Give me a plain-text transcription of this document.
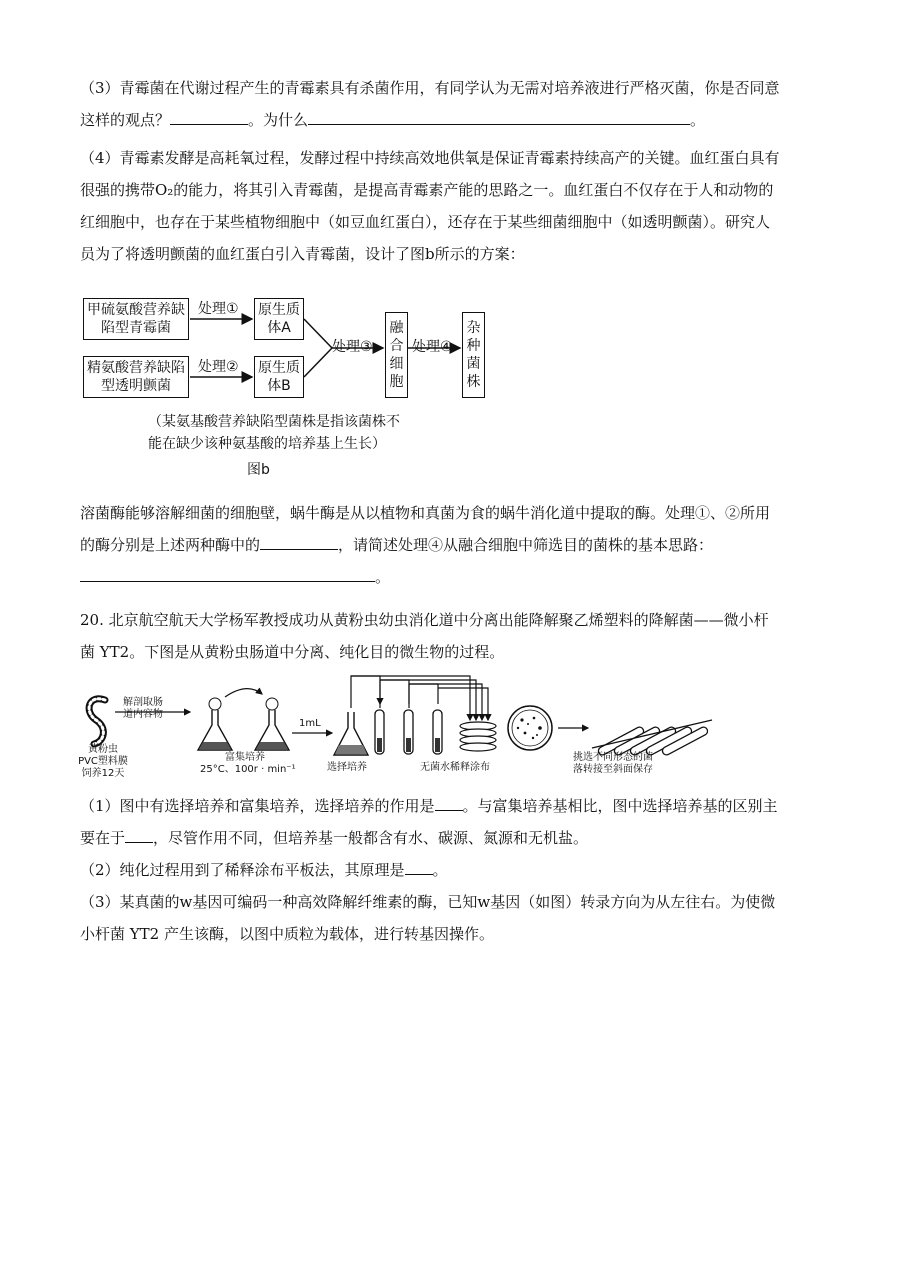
（3）青霉菌在代谢过程产生的青霉素具有杀菌作用，有同学认为无需对培养液进行严格灭菌，你是否同意
这样的观点？	。为什么	。
（4）青霉素发酵是高耗氧过程，发酵过程中持续高效地供氧是保证青霉素持续高产的关键。血红蛋白具有
很强的携带O₂的能力，将其引入青霉菌，是提高青霉素产能的思路之一。血红蛋白不仅存在于人和动物的
红细胞中，也存在于某些植物细胞中（如豆血红蛋白），还存在于某些细菌细胞中（如透明颤菌）。研究人
员为了将透明颤菌的血红蛋白引入青霉菌，设计了图b所示的方案：
甲硫氨酸营养缺陷型青霉菌
精氨酸营养缺陷型透明颤菌
处理①
处理②
原生质体A
原生质体B
处理③
融
合
细
胞
处理④
杂
种
菌
株
（某氨基酸营养缺陷型菌株是指该菌株不
能在缺少该种氨基酸的培养基上生长）
图b
溶菌酶能够溶解细菌的细胞壁，蜗牛酶是从以植物和真菌为食的蜗牛消化道中提取的酶。处理①、②所用
的酶分别是上述两种酶中的	，请简述处理④从融合细胞中筛选目的菌株的基本思路：
。
20. 北京航空航天大学杨军教授成功从黄粉虫幼虫消化道中分离出能降解聚乙烯塑料的降解菌——微小杆
菌 YT2。下图是从黄粉虫肠道中分离、纯化目的微生物的过程。
解剖取肠
道内容物
黄粉虫
PVC塑料膜
饲养12天
富集培养
25°C、100r · min⁻¹
1mL
选择培养	无菌水稀释涂布
挑选不同形态的菌
落转接至斜面保存
（1）图中有选择培养和富集培养，选择培养的作用是 。与富集培养基相比，图中选择培养基的区别主
要在于 ，尽管作用不同，但培养基一般都含有水、碳源、氮源和无机盐。
（2）纯化过程用到了稀释涂布平板法，其原理是 。
（3）某真菌的w基因可编码一种高效降解纤维素的酶，已知w基因（如图）转录方向为从左往右。为使微
小杆菌 YT2 产生该酶，以图中质粒为载体，进行转基因操作。
